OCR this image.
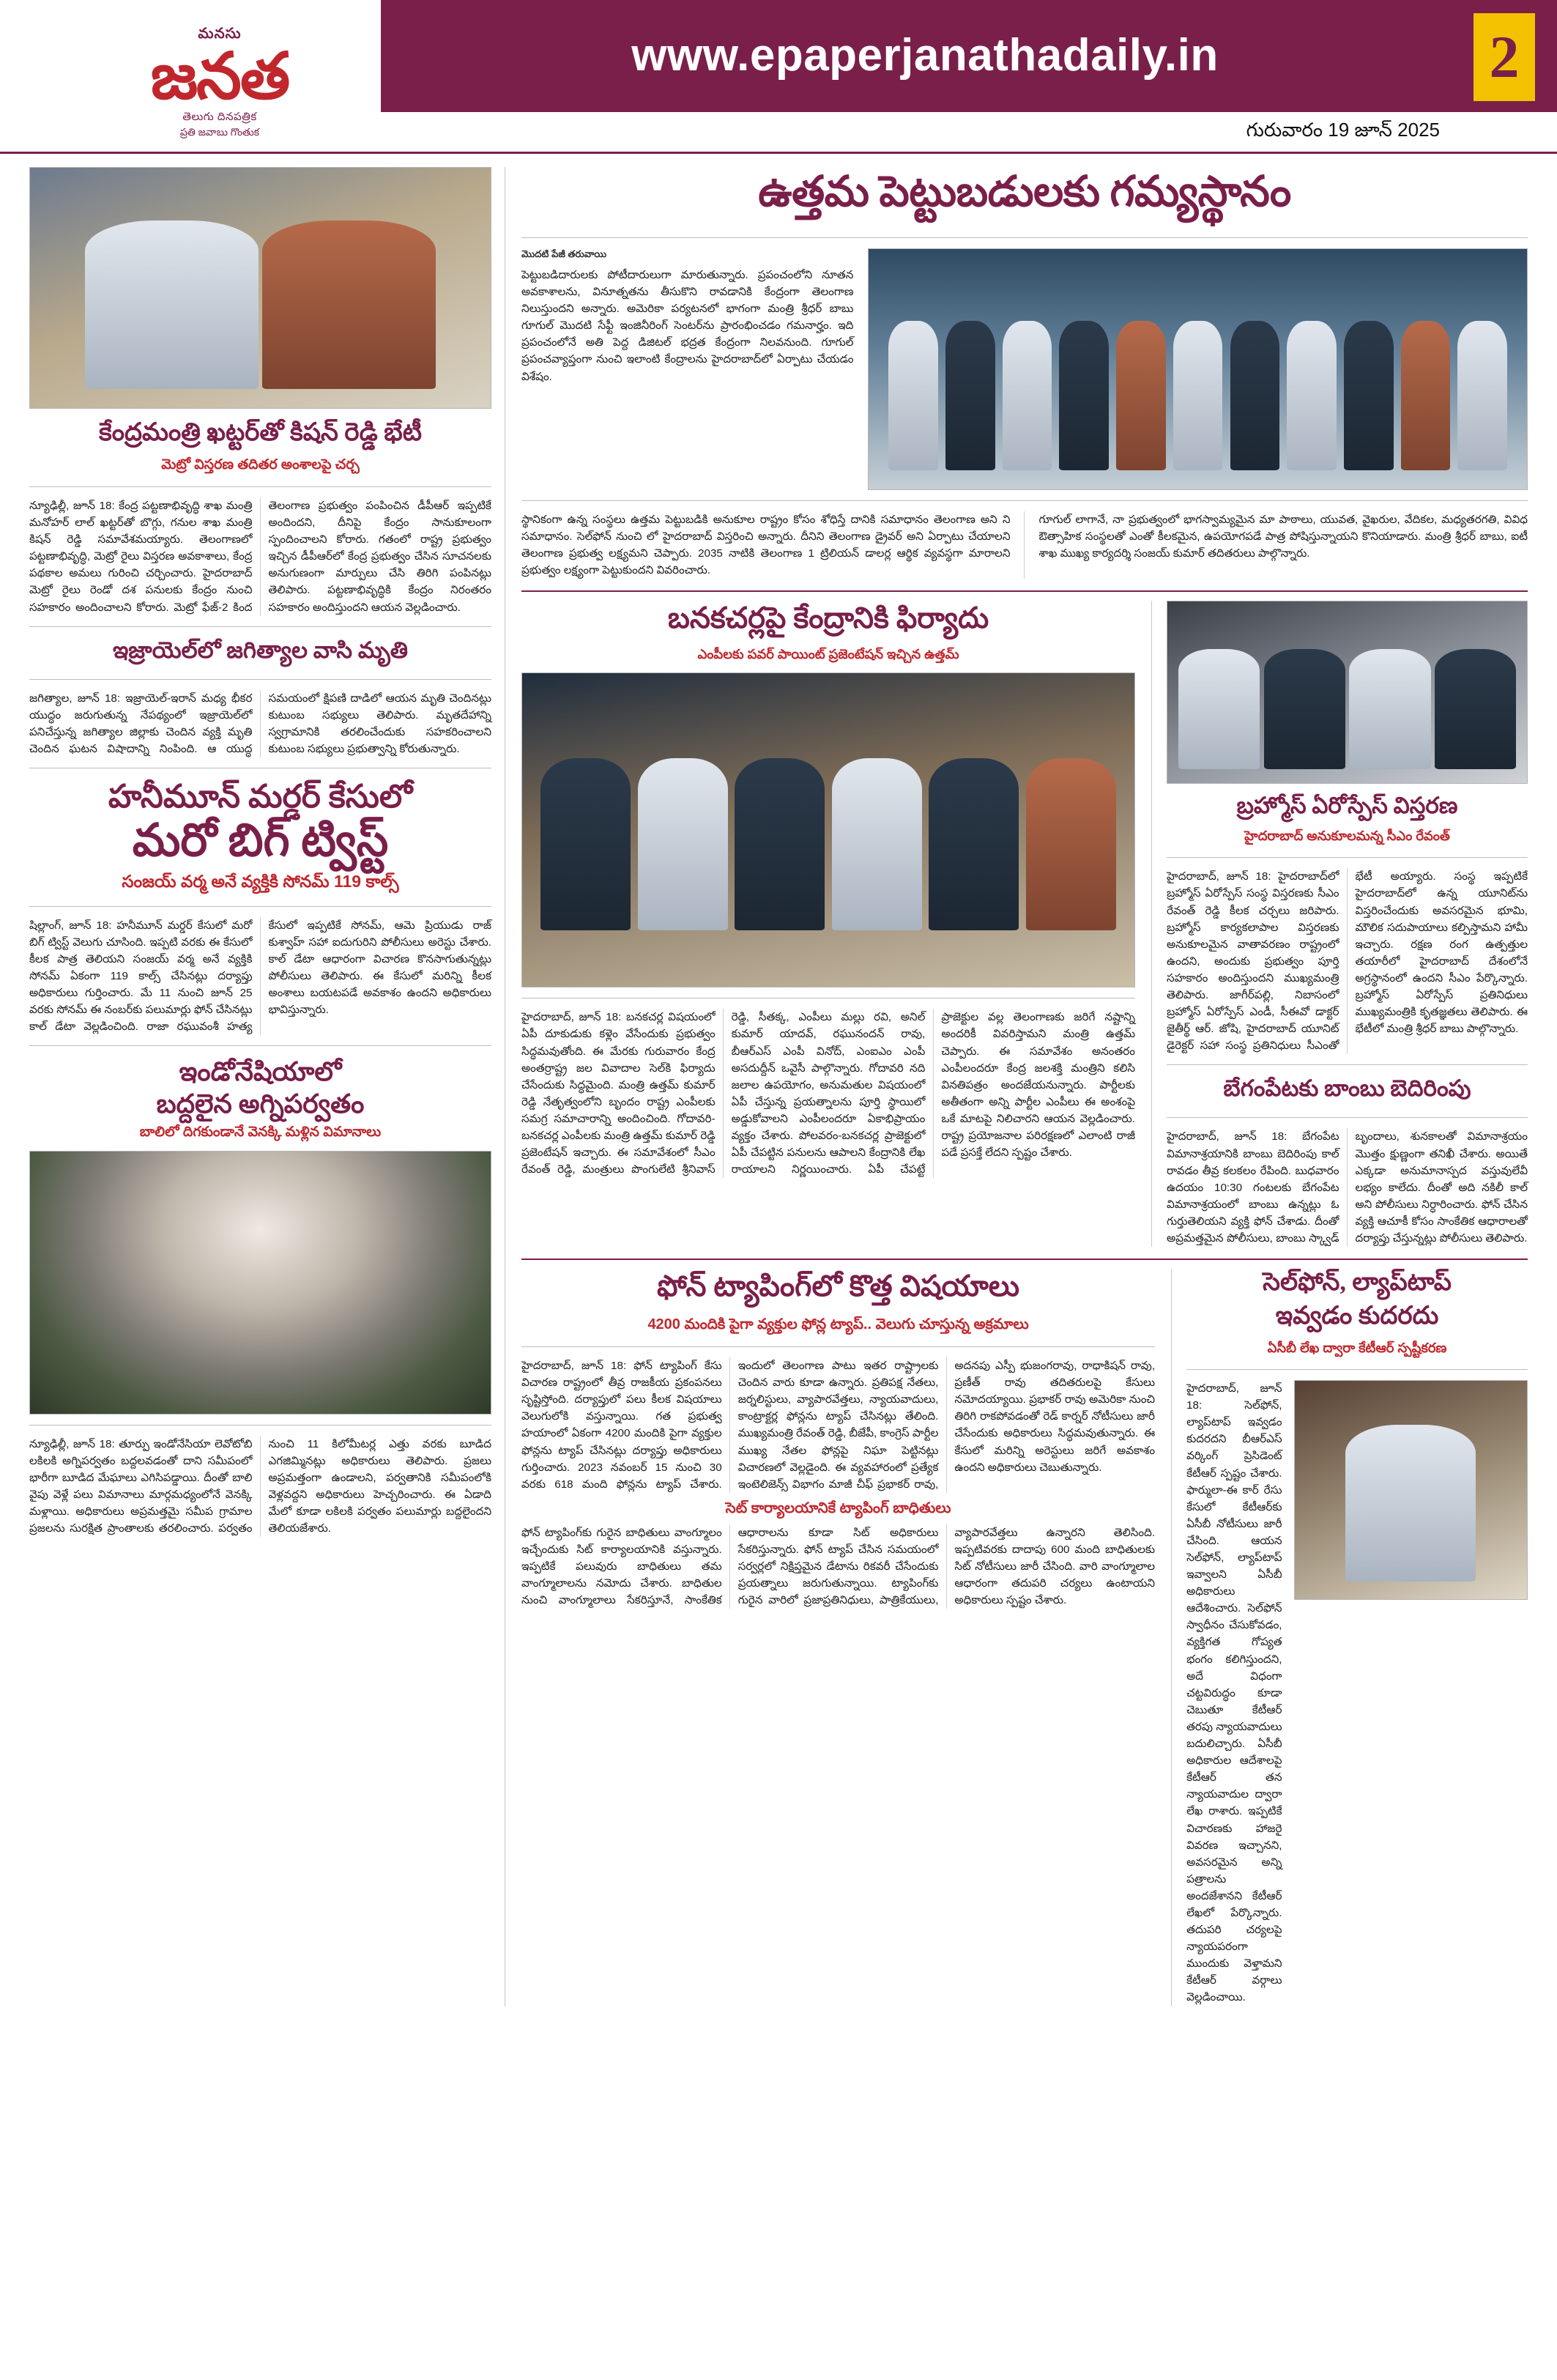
మనసు
జనత
తెలుగు దినపత్రిక
ప్రతి జవాబు గొంతుక
www.epaperjanathadaily.in
గురువారం 19 జూన్ 2025
2
కేంద్రమంత్రి ఖట్టర్‌తో కిషన్ రెడ్డి భేటీ
మెట్రో విస్తరణ తదితర అంశాలపై చర్చ
న్యూఢిల్లీ, జూన్ 18: కేంద్ర పట్టణాభివృద్ధి శాఖ మంత్రి మనోహర్ లాల్ ఖట్టర్‌తో బొగ్గు, గనుల శాఖ మంత్రి కిషన్ రెడ్డి సమావేశమయ్యారు. తెలంగాణలో పట్టణాభివృద్ధి, మెట్రో రైలు విస్తరణ అవకాశాలు, కేంద్ర పథకాల అమలు గురించి చర్చించారు. హైదరాబాద్ మెట్రో రైలు రెండో దశ పనులకు కేంద్రం నుంచి సహకారం అందించాలని కోరారు. మెట్రో ఫేజ్-2 కింద తెలంగాణ ప్రభుత్వం పంపించిన డీపీఆర్ ఇప్పటికే అందిందని, దీనిపై కేంద్రం సానుకూలంగా స్పందించాలని కోరారు. గతంలో రాష్ట్ర ప్రభుత్వం ఇచ్చిన డీపీఆర్‌లో కేంద్ర ప్రభుత్వం చేసిన సూచనలకు అనుగుణంగా మార్పులు చేసి తిరిగి పంపినట్లు తెలిపారు. పట్టణాభివృద్ధికి కేంద్రం నిరంతరం సహకారం అందిస్తుందని ఆయన వెల్లడించారు.
ఇజ్రాయెల్‌లో జగిత్యాల వాసి మృతి
జగిత్యాల, జూన్ 18: ఇజ్రాయెల్-ఇరాన్ మధ్య భీకర యుద్ధం జరుగుతున్న నేపథ్యంలో ఇజ్రాయెల్‌లో పనిచేస్తున్న జగిత్యాల జిల్లాకు చెందిన వ్యక్తి మృతి చెందిన ఘటన విషాదాన్ని నింపింది. ఆ యుద్ధ సమయంలో క్షిపణి దాడిలో ఆయన మృతి చెందినట్లు కుటుంబ సభ్యులు తెలిపారు. మృతదేహాన్ని స్వగ్రామానికి తరలించేందుకు సహకరించాలని కుటుంబ సభ్యులు ప్రభుత్వాన్ని కోరుతున్నారు.
హనీమూన్ మర్డర్ కేసులో
మరో బిగ్ ట్విస్ట్
సంజయ్ వర్మ అనే వ్యక్తికి సోనమ్ 119 కాల్స్
షిల్లాంగ్, జూన్ 18: హనీమూన్ మర్డర్ కేసులో మరో బిగ్ ట్విస్ట్ వెలుగు చూసింది. ఇప్పటి వరకు ఈ కేసులో కీలక పాత్ర తెలియని సంజయ్ వర్మ అనే వ్యక్తికి సోనమ్ ఏకంగా 119 కాల్స్ చేసినట్లు దర్యాప్తు అధికారులు గుర్తించారు. మే 11 నుంచి జూన్ 25 వరకు సోనమ్ ఈ నంబర్‌కు పలుమార్లు ఫోన్ చేసినట్లు కాల్ డేటా వెల్లడించింది. రాజా రఘువంశీ హత్య కేసులో ఇప్పటికే సోనమ్, ఆమె ప్రియుడు రాజ్ కుశ్వాహ్ సహా ఐదుగురిని పోలీసులు అరెస్టు చేశారు. కాల్ డేటా ఆధారంగా విచారణ కొనసాగుతున్నట్లు పోలీసులు తెలిపారు. ఈ కేసులో మరిన్ని కీలక అంశాలు బయటపడే అవకాశం ఉందని అధికారులు భావిస్తున్నారు.
ఇండోనేషియాలో
బద్దలైన అగ్నిపర్వతం
బాలిలో దిగకుండానే వెనక్కి మళ్లిన విమానాలు
న్యూఢిల్లీ, జూన్ 18: తూర్పు ఇండోనేసియా లెవోటోబి లకిలకి అగ్నిపర్వతం బద్దలవడంతో దాని సమీపంలో భారీగా బూడిద మేఘాలు ఎగిసిపడ్డాయి. దీంతో బాలి వైపు వెళ్లే పలు విమానాలు మార్గమధ్యంలోనే వెనక్కి మళ్లాయి. అధికారులు అప్రమత్తమై సమీప గ్రామాల ప్రజలను సురక్షిత ప్రాంతాలకు తరలించారు. పర్వతం నుంచి 11 కిలోమీటర్ల ఎత్తు వరకు బూడిద ఎగజిమ్మినట్లు అధికారులు తెలిపారు. ప్రజలు అప్రమత్తంగా ఉండాలని, పర్వతానికి సమీపంలోకి వెళ్లవద్దని అధికారులు హెచ్చరించారు. ఈ ఏడాది మేలో కూడా లకిలకి పర్వతం పలుమార్లు బద్దలైందని తెలియజేశారు.
ఉత్తమ పెట్టుబడులకు గమ్యస్థానం
మెుదటి పేజీ తరువాయి
పెట్టుబడిదారులకు పోటీదారులుగా మారుతున్నారు. ప్రపంచంలోని నూతన అవకాశాలను, వినూత్నతను తీసుకొని రావడానికి కేంద్రంగా తెలంగాణ నిలుస్తుందని అన్నారు. అమెరికా పర్యటనలో భాగంగా మంత్రి శ్రీధర్ బాబు గూగుల్ మొదటి సేఫ్టీ ఇంజినీరింగ్ సెంటర్‌ను ప్రారంభించడం గమనార్హం. ఇది ప్రపంచంలోనే అతి పెద్ద డిజిటల్ భద్రత కేంద్రంగా నిలవనుంది. గూగుల్ ప్రపంచవ్యాప్తంగా నుంచి ఇలాంటి కేంద్రాలను హైదరాబాద్‌లో ఏర్పాటు చేయడం విశేషం.
స్థానికంగా ఉన్న సంస్థలు ఉత్తమ పెట్టుబడికి అనుకూల రాష్ట్రం కోసం శోధిస్తే దానికి సమాధానం తెలంగాణ అని ని సమాధానం. సెల్‌ఫోన్ నుంచి లో హైదరాబాద్ విస్తరించి అన్నారు. దీనిని తెలంగాణ డ్రైవర్ అని ఏర్పాటు చేయాలని తెలంగాణ ప్రభుత్వ లక్ష్యమని చెప్పారు. 2035 నాటికి తెలంగాణ 1 ట్రిలియన్ డాలర్ల ఆర్థిక వ్యవస్థగా మారాలని ప్రభుత్వం లక్ష్యంగా పెట్టుకుందని వివరించారు.
గూగుల్ లాగానే, నా ప్రభుత్వంలో భాగస్వామ్యమైన మా పాఠాలు, యువత, వైఖరుల, వేదికల, మధ్యతరగతి, వివిధ ఔత్సాహిక సంస్థలతో ఎంతో కీలకమైన, ఉపయోగపడే పాత్ర పోషిస్తున్నాయని కొనియాడారు. మంత్రి శ్రీధర్ బాబు, ఐటీ శాఖ ముఖ్య కార్యదర్శి సంజయ్ కుమార్ తదితరులు పాల్గొన్నారు.
బనకచర్లపై కేంద్రానికి ఫిర్యాదు
ఎంపీలకు పవర్ పాయింట్ ప్రజెంటేషన్ ఇచ్చిన ఉత్తమ్
హైదరాబాద్, జూన్ 18: బనకచర్ల విషయంలో ఏపీ దూకుడుకు కళ్లెం వేసేందుకు ప్రభుత్వం సిద్ధమవుతోంది. ఈ మేరకు గురువారం కేంద్ర అంతర్రాష్ట్ర జల వివాదాల సెల్‌కి ఫిర్యాదు చేసేందుకు సిద్ధమైంది. మంత్రి ఉత్తమ్ కుమార్ రెడ్డి నేతృత్వంలోని బృందం రాష్ట్ర ఎంపీలకు సమగ్ర సమాచారాన్ని అందించింది. గోదావరి-బనకచర్ల ఎంపీలకు మంత్రి ఉత్తమ్ కుమార్ రెడ్డి ప్రజెంటేషన్ ఇచ్చారు. ఈ సమావేశంలో సీఎం రేవంత్ రెడ్డి, మంత్రులు పొంగులేటి శ్రీనివాస్ రెడ్డి, సీతక్క, ఎంపీలు మల్లు రవి, అనిల్ కుమార్ యాదవ్, రఘునందన్ రావు, బీఆర్ఎస్ ఎంపీ వినోద్, ఎంఐఎం ఎంపీ అసదుద్దీన్ ఒవైసీ పాల్గొన్నారు. గోదావరి నది జలాల ఉపయోగం, అనుమతుల విషయంలో ఏపీ చేస్తున్న ప్రయత్నాలను పూర్తి స్థాయిలో అడ్డుకోవాలని ఎంపీలందరూ ఏకాభిప్రాయం వ్యక్తం చేశారు. పోలవరం-బనకచర్ల ప్రాజెక్టులో ఏపీ చేపట్టిన పనులను ఆపాలని కేంద్రానికి లేఖ రాయాలని నిర్ణయించారు. ఏపీ చేపట్టే ప్రాజెక్టుల వల్ల తెలంగాణకు జరిగే నష్టాన్ని అందరికీ వివరిస్తామని మంత్రి ఉత్తమ్ చెప్పారు. ఈ సమావేశం అనంతరం ఎంపీలందరూ కేంద్ర జలశక్తి మంత్రిని కలిసి వినతిపత్రం అందజేయనున్నారు. పార్టీలకు అతీతంగా అన్ని పార్టీల ఎంపీలు ఈ అంశంపై ఒకే మాటపై నిలిచారని ఆయన వెల్లడించారు. రాష్ట్ర ప్రయోజనాల పరిరక్షణలో ఎలాంటి రాజీ పడే ప్రసక్తే లేదని స్పష్టం చేశారు.
బ్రహ్మోస్ ఏరోస్పేస్ విస్తరణ
హైదరాబాద్ అనుకూలమన్న సీఎం రేవంత్
హైదరాబాద్, జూన్ 18: హైదరాబాద్‌లో బ్రహ్మోస్ ఏరోస్పేస్ సంస్థ విస్తరణకు సీఎం రేవంత్ రెడ్డి కీలక చర్చలు జరిపారు. బ్రహ్మోస్ కార్యకలాపాల విస్తరణకు అనుకూలమైన వాతావరణం రాష్ట్రంలో ఉందని, అందుకు ప్రభుత్వం పూర్తి సహకారం అందిస్తుందని ముఖ్యమంత్రి తెలిపారు. జాగీర్‌పల్లి, నిబాసంలో బ్రహ్మోస్ ఏరోస్పేస్ ఎండీ, సీఈవో డాక్టర్ జైతీర్థ్ ఆర్. జోషి, హైదరాబాద్ యూనిట్ డైరెక్టర్ సహా సంస్థ ప్రతినిధులు సీఎంతో భేటీ అయ్యారు. సంస్థ ఇప్పటికే హైదరాబాద్‌లో ఉన్న యూనిట్‌ను విస్తరించేందుకు అవసరమైన భూమి, మౌలిక సదుపాయాలు కల్పిస్తామని హామీ ఇచ్చారు. రక్షణ రంగ ఉత్పత్తుల తయారీలో హైదరాబాద్ దేశంలోనే అగ్రస్థానంలో ఉందని సీఎం పేర్కొన్నారు. బ్రహ్మోస్ ఏరోస్పేస్ ప్రతినిధులు ముఖ్యమంత్రికి కృతజ్ఞతలు తెలిపారు. ఈ భేటీలో మంత్రి శ్రీధర్ బాబు పాల్గొన్నారు.
బేగంపేటకు బాంబు బెదిరింపు
హైదరాబాద్, జూన్ 18: బేగంపేట విమానాశ్రయానికి బాంబు బెదిరింపు కాల్ రావడం తీవ్ర కలకలం రేపింది. బుధవారం ఉదయం 10:30 గంటలకు బేగంపేట విమానాశ్రయంలో బాంబు ఉన్నట్లు ఓ గుర్తుతెలియని వ్యక్తి ఫోన్ చేశాడు. దీంతో అప్రమత్తమైన పోలీసులు, బాంబు స్క్వాడ్ బృందాలు, శునకాలతో విమానాశ్రయం మొత్తం క్షుణ్ణంగా తనిఖీ చేశారు. అయితే ఎక్కడా అనుమానాస్పద వస్తువులేవీ లభ్యం కాలేదు. దీంతో అది నకిలీ కాల్ అని పోలీసులు నిర్ధారించారు. ఫోన్ చేసిన వ్యక్తి ఆచూకీ కోసం సాంకేతిక ఆధారాలతో దర్యాప్తు చేస్తున్నట్లు పోలీసులు తెలిపారు.
ఫోన్ ట్యాపింగ్‌లో కొత్త విషయాలు
4200 మందికి పైగా వ్యక్తుల ఫోన్ల ట్యాప్.. వెలుగు చూస్తున్న అక్రమాలు
హైదరాబాద్, జూన్ 18: ఫోన్ ట్యాపింగ్ కేసు విచారణ రాష్ట్రంలో తీవ్ర రాజకీయ ప్రకంపనలు సృష్టిస్తోంది. దర్యాప్తులో పలు కీలక విషయాలు వెలుగులోకి వస్తున్నాయి. గత ప్రభుత్వ హయాంలో ఏకంగా 4200 మందికి పైగా వ్యక్తుల ఫోన్లను ట్యాప్ చేసినట్లు దర్యాప్తు అధికారులు గుర్తించారు. 2023 నవంబర్ 15 నుంచి 30 వరకు 618 మంది ఫోన్లను ట్యాప్ చేశారు. ఇందులో తెలంగాణ పాటు ఇతర రాష్ట్రాలకు చెందిన వారు కూడా ఉన్నారు. ప్రతిపక్ష నేతలు, జర్నలిస్టులు, వ్యాపారవేత్తలు, న్యాయవాదులు, కాంట్రాక్టర్ల ఫోన్లను ట్యాప్ చేసినట్లు తేలింది. ముఖ్యమంత్రి రేవంత్ రెడ్డి, బీజేపీ, కాంగ్రెస్ పార్టీల ముఖ్య నేతల ఫోన్లపై నిఘా పెట్టినట్లు విచారణలో వెల్లడైంది. ఈ వ్యవహారంలో ప్రత్యేక ఇంటెలిజెన్స్ విభాగం మాజీ చీఫ్ ప్రభాకర్ రావు, అదనపు ఎస్పీ భుజంగరావు, రాధాకిషన్ రావు, ప్రణీత్ రావు తదితరులపై కేసులు నమోదయ్యాయి. ప్రభాకర్ రావు అమెరికా నుంచి తిరిగి రాకపోవడంతో రెడ్ కార్నర్ నోటీసులు జారీ చేసేందుకు అధికారులు సిద్ధమవుతున్నారు. ఈ కేసులో మరిన్ని అరెస్టులు జరిగే అవకాశం ఉందని అధికారులు చెబుతున్నారు.
సెట్ కార్యాలయానికే ట్యాపింగ్ బాధితులు
ఫోన్ ట్యాపింగ్‌కు గురైన బాధితులు వాంగ్మూలం ఇచ్చేందుకు సిట్ కార్యాలయానికి వస్తున్నారు. ఇప్పటికే పలువురు బాధితులు తమ వాంగ్మూలాలను నమోదు చేశారు. బాధితుల నుంచి వాంగ్మూలాలు సేకరిస్తూనే, సాంకేతిక ఆధారాలను కూడా సిట్ అధికారులు సేకరిస్తున్నారు. ఫోన్ ట్యాప్ చేసిన సమయంలో సర్వర్లలో నిక్షిప్తమైన డేటాను రికవరీ చేసేందుకు ప్రయత్నాలు జరుగుతున్నాయి. ట్యాపింగ్‌కు గురైన వారిలో ప్రజాప్రతినిధులు, పాత్రికేయులు, వ్యాపారవేత్తలు ఉన్నారని తెలిసింది. ఇప్పటివరకు దాదాపు 600 మంది బాధితులకు సిట్ నోటీసులు జారీ చేసింది. వారి వాంగ్మూలాల ఆధారంగా తదుపరి చర్యలు ఉంటాయని అధికారులు స్పష్టం చేశారు.
సెల్‌ఫోన్, ల్యాప్‌టాప్
ఇవ్వడం కుదరదు
ఏసీబీ లేఖ ద్వారా కేటీఆర్ స్పష్టీకరణ
హైదరాబాద్, జూన్ 18: సెల్‌ఫోన్, ల్యాప్‌టాప్ ఇవ్వడం కుదరదని బీఆర్ఎస్ వర్కింగ్ ప్రెసిడెంట్ కేటీఆర్ స్పష్టం చేశారు. ఫార్ములా-ఈ కార్ రేసు కేసులో కేటీఆర్‌కు ఏసీబీ నోటీసులు జారీ చేసింది. ఆయన సెల్‌ఫోన్, ల్యాప్‌టాప్ ఇవ్వాలని ఏసీబీ అధికారులు ఆదేశించారు. సెల్‌ఫోన్ స్వాధీనం చేసుకోవడం, వ్యక్తిగత గోప్యత భంగం కలిగిస్తుందని, అదే విధంగా చట్టవిరుద్ధం కూడా చెబుతూ కేటీఆర్ తరపు న్యాయవాదులు బదులిచ్చారు. ఏసీబీ అధికారుల ఆదేశాలపై కేటీఆర్ తన న్యాయవాదుల ద్వారా లేఖ రాశారు. ఇప్పటికే విచారణకు హాజరై వివరణ ఇచ్చానని, అవసరమైన అన్ని పత్రాలను అందజేశానని కేటీఆర్ లేఖలో పేర్కొన్నారు. తదుపరి చర్యలపై న్యాయపరంగా ముందుకు వెళ్తామని కేటీఆర్ వర్గాలు వెల్లడించాయి.
